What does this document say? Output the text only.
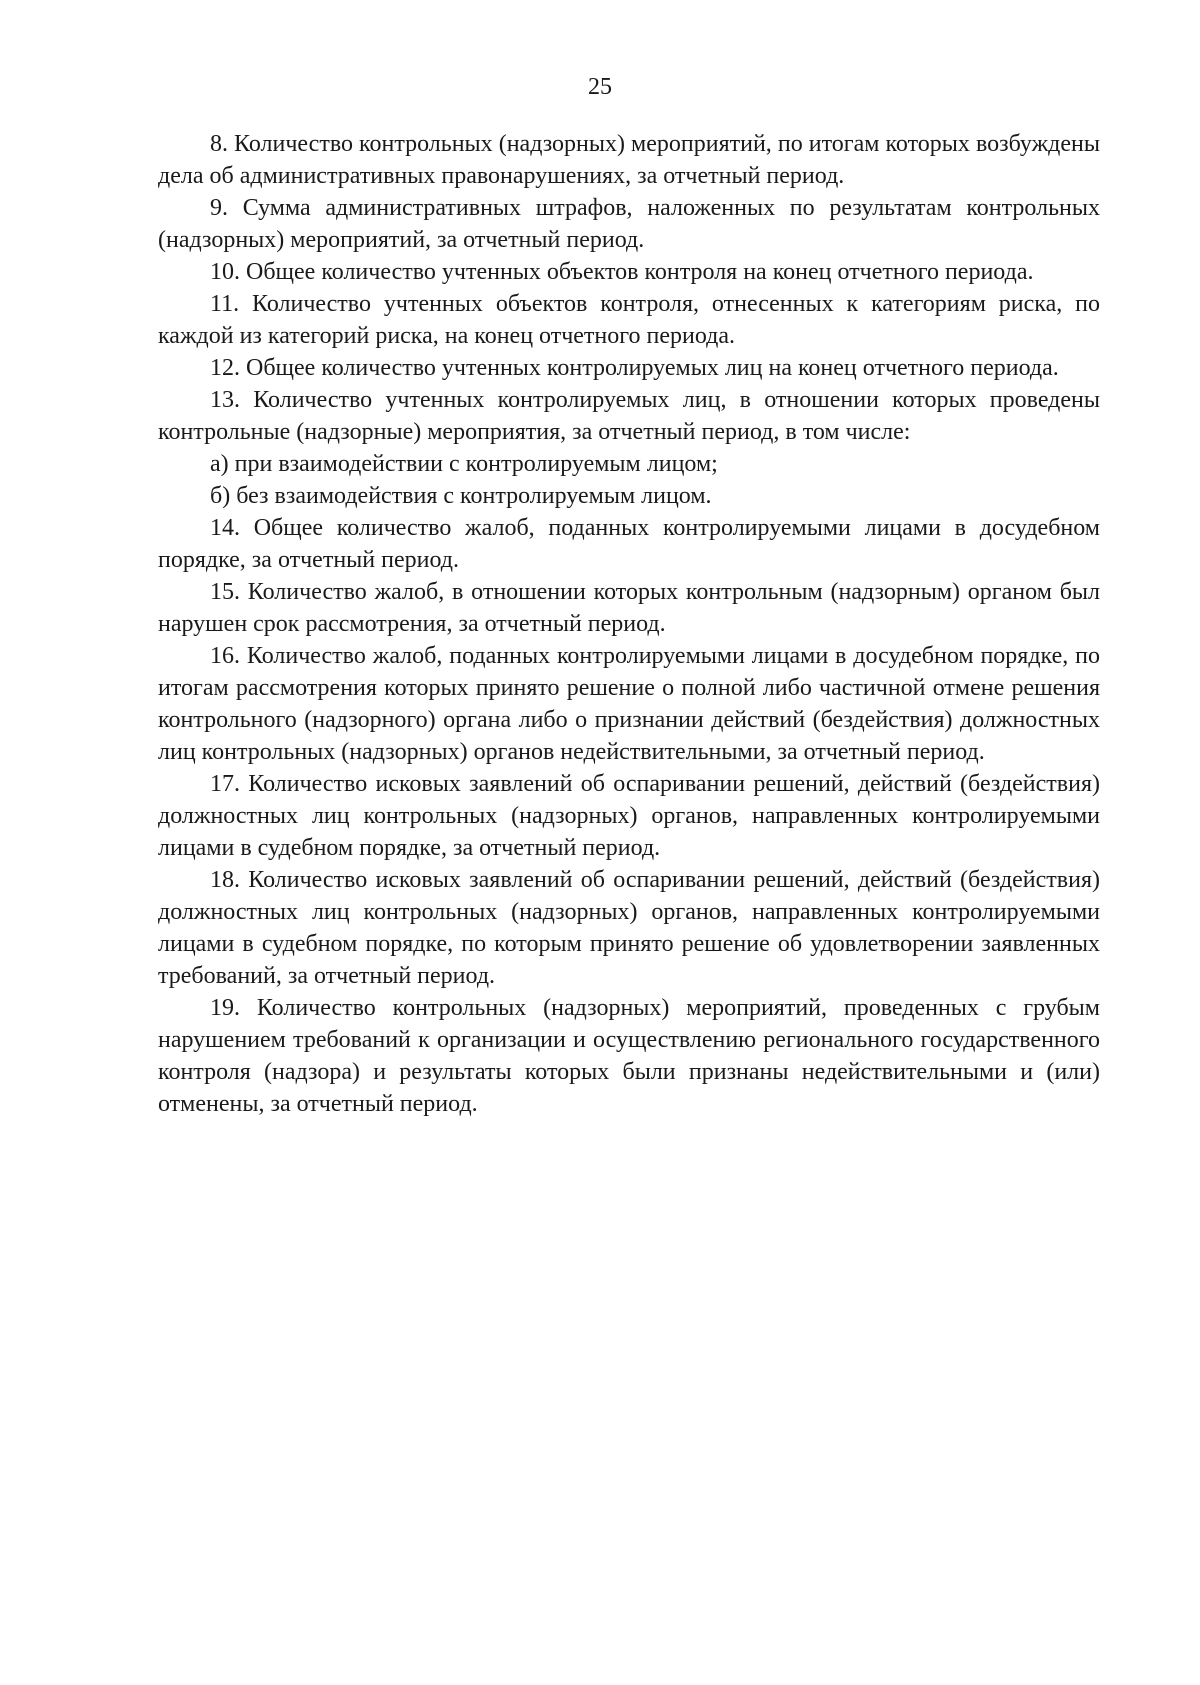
25

8. Количество контрольных (надзорных) мероприятий, по итогам которых возбуждены дела об административных правонарушениях, за отчетный период.

9. Сумма административных штрафов, наложенных по результатам контрольных (надзорных) мероприятий, за отчетный период.

10. Общее количество учтенных объектов контроля на конец отчетного периода.

11. Количество учтенных объектов контроля, отнесенных к категориям риска, по каждой из категорий риска, на конец отчетного периода.

12. Общее количество учтенных контролируемых лиц на конец отчетного периода.

13. Количество учтенных контролируемых лиц, в отношении которых проведены контрольные (надзорные) мероприятия, за отчетный период, в том числе:

а) при взаимодействии с контролируемым лицом;

б) без взаимодействия с контролируемым лицом.

14. Общее количество жалоб, поданных контролируемыми лицами в досудебном порядке, за отчетный период.

15. Количество жалоб, в отношении которых контрольным (надзорным) органом был нарушен срок рассмотрения, за отчетный период.

16. Количество жалоб, поданных контролируемыми лицами в досудебном порядке, по итогам рассмотрения которых принято решение о полной либо частичной отмене решения контрольного (надзорного) органа либо о признании действий (бездействия) должностных лиц контрольных (надзорных) органов недействительными, за отчетный период.

17. Количество исковых заявлений об оспаривании решений, действий (бездействия) должностных лиц контрольных (надзорных) органов, направленных контролируемыми лицами в судебном порядке, за отчетный период.

18. Количество исковых заявлений об оспаривании решений, действий (бездействия) должностных лиц контрольных (надзорных) органов, направленных контролируемыми лицами в судебном порядке, по которым принято решение об удовлетворении заявленных требований, за отчетный период.

19. Количество контрольных (надзорных) мероприятий, проведенных с грубым нарушением требований к организации и осуществлению регионального государственного контроля (надзора) и результаты которых были признаны недействительными и (или) отменены, за отчетный период.
